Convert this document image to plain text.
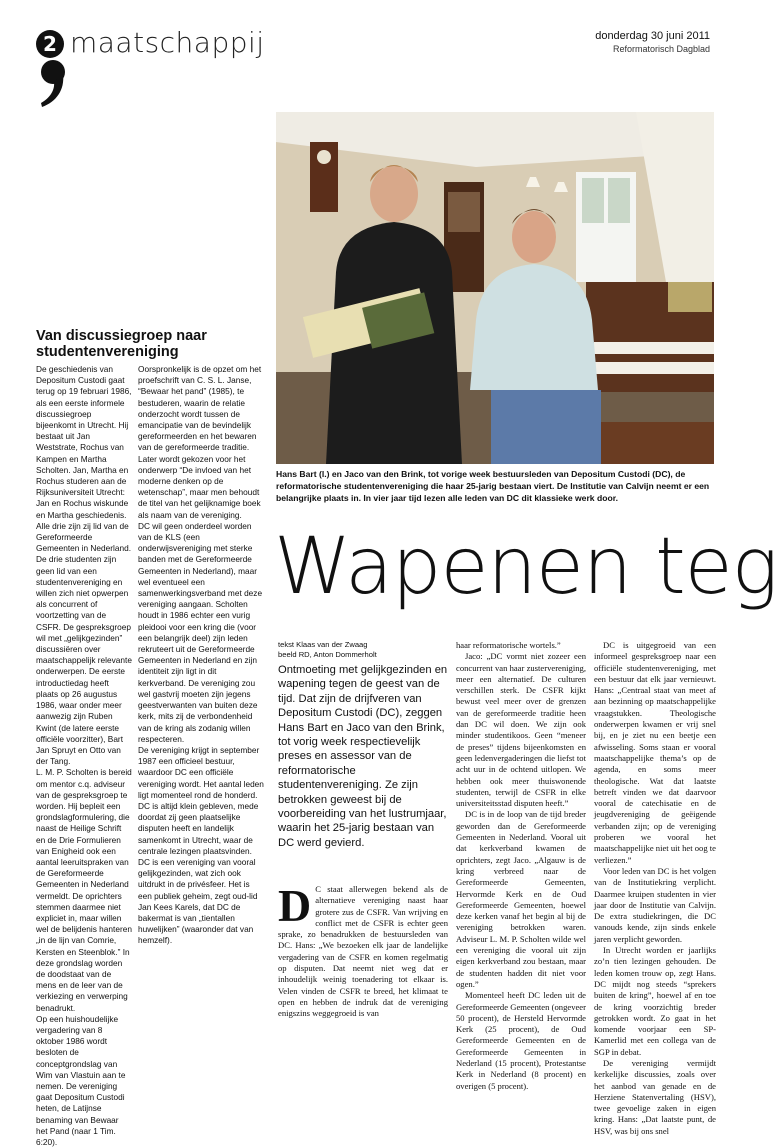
2 maatschappij	donderdag 30 juni 2011
Reformatorisch Dagblad
Hans Bart (l.) en Jaco van den Brink, tot vorige week bestuursleden van Depositum Custodi (DC), de reformatorische studentenvereniging die haar 25-jarig bestaan viert. De Institutie van Calvijn neemt er een belangrijke plaats in. In vier jaar tijd lezen alle leden van DC dit klassieke werk door.
Wapenen teg
Van discussiegroep naar studentenvereniging

De geschiedenis van Depositum Custodi gaat terug op 19 februari 1986, als een eerste informele discussiegroep bijeenkomt in Utrecht. Hij bestaat uit Jan Weststrate, Rochus van Kampen en Martha Scholten. Jan, Martha en Rochus studeren aan de Rijksuniversiteit Utrecht: Jan en Rochus wiskunde en Martha geschiedenis. Alle drie zijn zij lid van de Gereformeerde Gemeenten in Nederland.

De drie studenten zijn geen lid van een studentenvereniging en willen zich niet opwerpen als concurrent of voortzetting van de CSFR. De gespreksgroep wil met „gelijkgezinden” discussiëren over maatschappelijk relevante onderwerpen. De eerste introductiedag heeft plaats op 26 augustus 1986, waar onder meer aanwezig zijn Ruben Kwint (de latere eerste officiële voorzitter), Bart Jan Spruyt en Otto van der Tang.

L. M. P. Scholten is bereid om mentor c.q. adviseur van de gespreksgroep te worden. Hij bepleit een grondslagformulering, die naast de Heilige Schrift en de Drie Formulieren van Enigheid ook een aantal leeruitspraken van de Gereformeerde Gemeenten in Nederland vermeldt. De oprichters stemmen daarmee niet expliciet in, maar willen wel de belijdenis hanteren „in de lijn van Comrie, Kersten en Steenblok.” In deze grondslag worden de doodstaat van de mens en de leer van de verkiezing en verwerping benadrukt.

Op een huishoudelijke vergadering van 8 oktober 1986 wordt besloten de conceptgrondslag van Wim van Vlastuin aan te nemen. De vereniging gaat Depositum Custodi heten, de Latijnse benaming van Bewaar het Pand (naar 1 Tim. 6:20).

Oorspronkelijk is de opzet om het proefschrift van C. S. L. Janse, “Bewaar het pand” (1985), te bestuderen, waarin de relatie onderzocht wordt tussen de emancipatie van de bevindelijk gereformeerden en het bewaren van de gereformeerde traditie. Later wordt gekozen voor het onderwerp “De invloed van het moderne denken op de wetenschap”, maar men behoudt de titel van het gelijknamige boek als naam van de vereniging.

DC wil geen onderdeel worden van de KLS (een onderwijsvereniging met sterke banden met de Gereformeerde Gemeenten in Nederland), maar wel eventueel een samenwerkingsverband met deze vereniging aangaan. Scholten houdt in 1986 echter een vurig pleidooi voor een kring die (voor een belangrijk deel) zijn leden rekruteert uit de Gereformeerde Gemeenten in Nederland en zijn identiteit zijn ligt in dit kerkverband. De vereniging zou wel gastvrij moeten zijn jegens geestverwanten van buiten deze kerk, mits zij de verbondenheid van de kring als zodanig willen respecteren.

De vereniging krijgt in september 1987 een officieel bestuur, waardoor DC een officiële vereniging wordt. Het aantal leden ligt momenteel rond de honderd. DC is altijd klein gebleven, mede doordat zij geen plaatselijke disputen heeft en landelijk samenkomt in Utrecht, waar de centrale lezingen plaatsvinden.

DC is een vereniging van vooral gelijkgezinden, wat zich ook uitdrukt in de privésfeer. Het is een publiek geheim, zegt oud-lid Jan Kees Karels, dat DC de bakermat is van „tientallen huwelijken” (waaronder dat van hemzelf).

tekst Klaas van der Zwaag
beeld RD, Anton Dommerholt
Ontmoeting met gelijkgezinden en wapening tegen de geest van de tijd. Dat zijn de drijfveren van Depositum Custodi (DC), zeggen Hans Bart en Jaco van den Brink, tot vorig week respectievelijk preses en assessor van de reformatorische studentenvereniging. Ze zijn betrokken geweest bij de voorbereiding van het lustrumjaar, waarin het 25-jarig bestaan van DC werd gevierd.
D C staat allerwegen bekend als de alternatieve vereniging naast haar grotere zus de CSFR. Van wrijving en conflict met de CSFR is echter geen sprake, zo benadrukken de bestuursleden van DC. Hans: „We bezoeken elk jaar de landelijke vergadering van de CSFR en komen regelmatig op disputen. Dat neemt niet weg dat er inhoudelijk weinig toenadering tot elkaar is. Velen vinden de CSFR te breed, het klimaat te open en hebben de indruk dat de vereniging enigszins weggegroeid is van

haar reformatorische wortels.”

Jaco: „DC vormt niet zozeer een concurrent van haar zustervereniging, meer een alternatief. De culturen verschillen sterk. De CSFR kijkt bewust veel meer over de grenzen van de gereformeerde traditie heen dan DC wil doen. We zijn ook minder studentikoos. Geen “meneer de preses” tijdens bijeenkomsten en geen ledenvergaderingen die liefst tot acht uur in de ochtend uitlopen. We hebben ook meer thuiswonende studenten, terwijl de CSFR in elke universiteitsstad disputen heeft.”

DC is in de loop van de tijd breder geworden dan de Gereformeerde Gemeenten in Nederland. Vooral uit dat kerkverband kwamen de oprichters, zegt Jaco. „Algauw is de kring verbreed naar de Gereformeerde Gemeenten, Hervormde Kerk en de Oud Gereformeerde Gemeenten, hoewel deze kerken vanaf het begin al bij de vereniging betrokken waren. Adviseur L. M. P. Scholten wilde wel een vereniging die vooral uit zijn eigen kerkverband zou bestaan, maar de studenten hadden dit niet voor ogen.”

Momenteel heeft DC leden uit de Gereformeerde Gemeenten (ongeveer 50 procent), de Hersteld Hervormde Kerk (25 procent), de Oud Gereformeerde Gemeenten en de Gereformeerde Gemeenten in Nederland (15 procent), Protestantse Kerk in Nederland (8 procent) en overigen (5 procent).

DC is uitgegroeid van een informeel gespreksgroep naar een officiële studentenvereniging, met een bestuur dat elk jaar vernieuwt. Hans: „Centraal staat van meet af aan bezinning op maatschappelijke vraagstukken. Theologische onderwerpen kwamen er vrij snel bij, en je ziet nu een beetje een afwisseling. Soms staan er vooral maatschappelijke thema’s op de agenda, en soms meer theologische. Wat dat laatste betreft vinden we dat daarvoor vooral de catechisatie en de jeugdvereniging de geëigende verbanden zijn; op de vereniging proberen we vooral het maatschappelijke niet uit het oog te verliezen.”

Voor leden van DC is het volgen van de Institutiekring verplicht. Daarmee kruipen studenten in vier jaar door de Institutie van Calvijn. De extra studiekringen, die DC vanouds kende, zijn sinds enkele jaren verplicht geworden.

In Utrecht worden er jaarlijks zo’n tien lezingen gehouden. De leden komen trouw op, zegt Hans. DC mijdt nog steeds “sprekers buiten de kring”, hoewel af en toe de kring voorzichtig breder getrokken wordt. Zo gaat in het komende voorjaar een SP-Kamerlid met een collega van de SGP in debat.

De vereniging vermijdt kerkelijke discussies, zoals over het aanbod van genade en de Herziene Statenvertaling (HSV), twee gevoelige zaken in eigen kring. Hans: „Dat laatste punt, de HSV, was bij ons snel
